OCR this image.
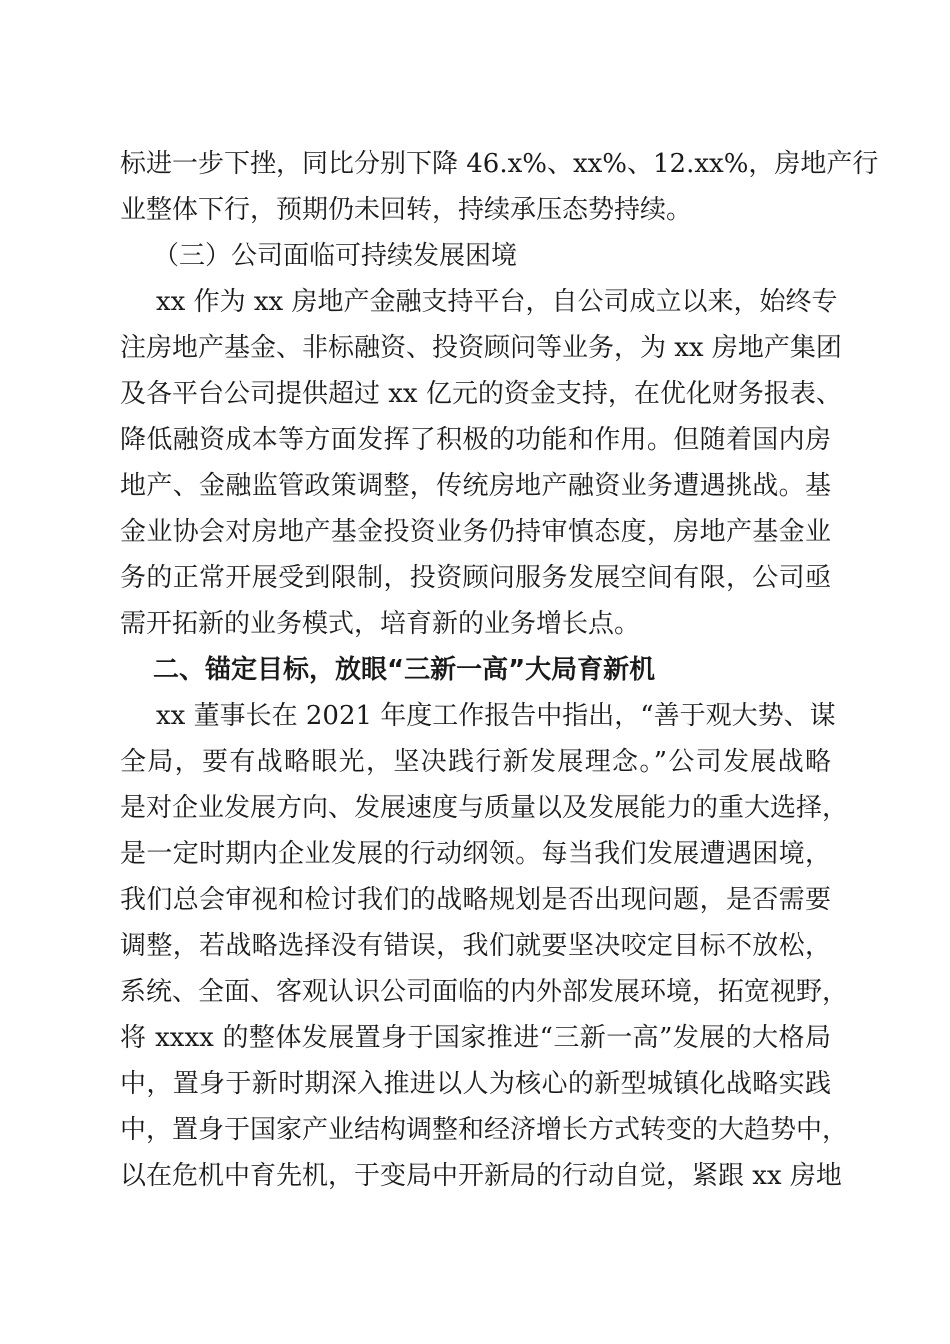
标进一步下挫，同比分别下降 46.x%、xx%、12.xx%，房地产行
业整体下行，预期仍未回转，持续承压态势持续。
（三）公司面临可持续发展困境
xx 作为 xx 房地产金融支持平台，自公司成立以来，始终专
注房地产基金、非标融资、投资顾问等业务，为 xx 房地产集团
及各平台公司提供超过 xx 亿元的资金支持，在优化财务报表、
降低融资成本等方面发挥了积极的功能和作用。但随着国内房
地产、金融监管政策调整，传统房地产融资业务遭遇挑战。基
金业协会对房地产基金投资业务仍持审慎态度，房地产基金业
务的正常开展受到限制，投资顾问服务发展空间有限，公司亟
需开拓新的业务模式，培育新的业务增长点。
二、锚定目标，放眼“三新一高”大局育新机
xx 董事长在 2021 年度工作报告中指出，“善于观大势、谋
全局，要有战略眼光，坚决践行新发展理念。”公司发展战略
是对企业发展方向、发展速度与质量以及发展能力的重大选择，
是一定时期内企业发展的行动纲领。每当我们发展遭遇困境，
我们总会审视和检讨我们的战略规划是否出现问题，是否需要
调整，若战略选择没有错误，我们就要坚决咬定目标不放松，
系统、全面、客观认识公司面临的内外部发展环境，拓宽视野，
将 xxxx 的整体发展置身于国家推进“三新一高”发展的大格局
中，置身于新时期深入推进以人为核心的新型城镇化战略实践
中，置身于国家产业结构调整和经济增长方式转变的大趋势中，
以在危机中育先机，于变局中开新局的行动自觉，紧跟 xx 房地
